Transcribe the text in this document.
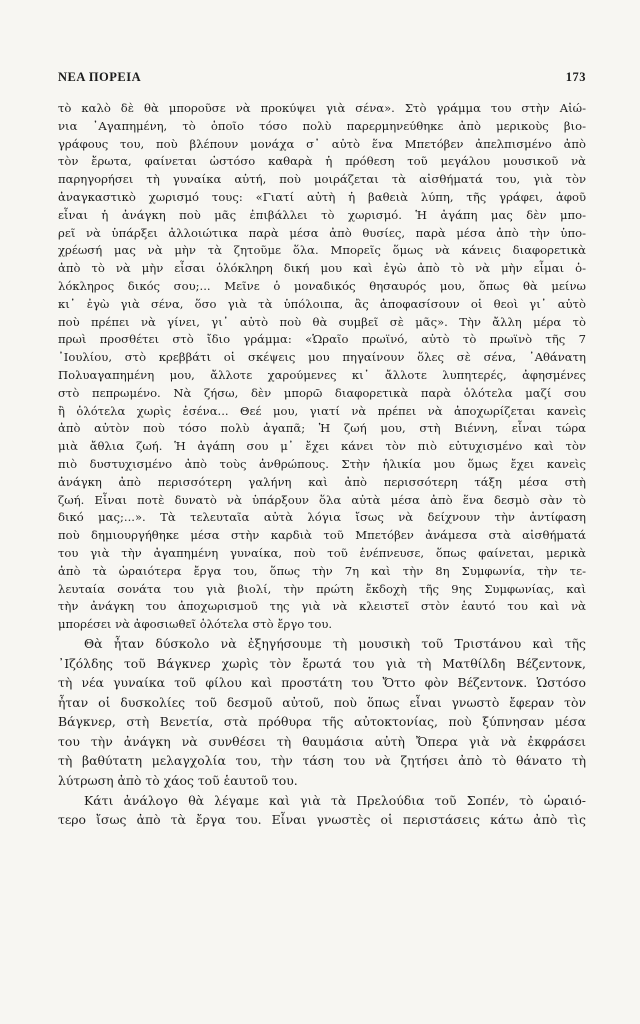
ΝΕΑ ΠΟΡΕΙΑ	173

τὸ καλὸ δὲ θὰ μποροῦσε νὰ προκύψει γιὰ σένα». Στὸ γράμμα του στὴν Αἰώ-
νια ᾿Αγαπημένη, τὸ ὁποῖο τόσο πολὺ παρερμηνεύθηκε ἀπὸ μερικοὺς βιο-
γράφους του, ποὺ βλέπουν μονάχα σ᾿ αὐτὸ ἕνα Μπετόβεν ἀπελπισμένο ἀπὸ
τὸν ἔρωτα, φαίνεται ὡστόσο καθαρὰ ἡ πρόθεση τοῦ μεγάλου μουσικοῦ νὰ
παρηγορήσει τὴ γυναίκα αὐτή, ποὺ μοιράζεται τὰ αἰσθήματά του, γιὰ τὸν
ἀναγκαστικὸ χωρισμό τους: «Γιατί αὐτὴ ἡ βαθειὰ λύπη, τῆς γράφει, ἀφοῦ
εἶναι ἡ ἀνάγκη ποὺ μᾶς ἐπιβάλλει τὸ χωρισμό. Ἡ ἀγάπη μας δὲν μπο-
ρεῖ νὰ ὑπάρξει ἀλλοιώτικα παρὰ μέσα ἀπὸ θυσίες, παρὰ μέσα ἀπὸ τὴν ὑπο-
χρέωσή μας νὰ μὴν τὰ ζητοῦμε ὅλα. Μπορεῖς ὅμως νὰ κάνεις διαφορετικὰ
ἀπὸ τὸ νὰ μὴν εἶσαι ὁλόκληρη δική μου καὶ ἐγὼ ἀπὸ τὸ νὰ μὴν εἶμαι ὁ-
λόκληρος δικός σου;... Μεῖνε ὁ μοναδικός θησαυρός μου, ὅπως θὰ μείνω
κι᾿ ἐγὼ γιὰ σένα, ὅσο γιὰ τὰ ὑπόλοιπα, ἂς ἀποφασίσουν οἱ θεοὶ γι᾿ αὐτὸ
ποὺ πρέπει νὰ γίνει, γι᾿ αὐτὸ ποὺ θὰ συμβεῖ σὲ μᾶς». Τὴν ἄλλη μέρα τὸ
πρωὶ προσθέτει στὸ ἴδιο γράμμα: «Ὡραῖο πρωϊνό, αὐτὸ τὸ πρωϊνὸ τῆς 7
᾿Ιουλίου, στὸ κρεββάτι οἱ σκέψεις μου πηγαίνουν ὅλες σὲ σένα, ᾿Αθάνατη
Πολυαγαπημένη μου, ἄλλοτε χαρούμενες κι᾿ ἄλλοτε λυπητερές, ἀφησμένες
στὸ πεπρωμένο. Νὰ ζήσω, δὲν μπορῶ διαφορετικὰ παρὰ ὁλότελα μαζί σου
ἢ ὁλότελα χωρὶς ἐσένα... Θεέ μου, γιατί νὰ πρέπει νὰ ἀποχωρίζεται κανεὶς
ἀπὸ αὐτὸν ποὺ τόσο πολὺ ἀγαπᾶ; Ἡ ζωή μου, στὴ Βιέννη, εἶναι τώρα
μιὰ ἄθλια ζωή. Ἡ ἀγάπη σου μ᾿ ἔχει κάνει τὸν πιὸ εὐτυχισμένο καὶ τὸν
πιὸ δυστυχισμένο ἀπὸ τοὺς ἀνθρώπους. Στὴν ἡλικία μου ὅμως ἔχει κανεὶς
ἀνάγκη ἀπὸ περισσότερη γαλήνη καὶ ἀπὸ περισσότερη τάξη μέσα στὴ
ζωή. Εἶναι ποτὲ δυνατὸ νὰ ὑπάρξουν ὅλα αὐτὰ μέσα ἀπὸ ἕνα δεσμὸ σὰν τὸ
δικό μας;...». Τὰ τελευταῖα αὐτὰ λόγια ἴσως νὰ δείχνουν τὴν ἀντίφαση
ποὺ δημιουργήθηκε μέσα στὴν καρδιὰ τοῦ Μπετόβεν ἀνάμεσα στὰ αἰσθήματά
του γιὰ τὴν ἀγαπημένη γυναίκα, ποὺ τοῦ ἐνέπνευσε, ὅπως φαίνεται, μερικὰ
ἀπὸ τὰ ὡραιότερα ἔργα του, ὅπως τὴν 7η καὶ τὴν 8η Συμφωνία, τὴν τε-
λευταία σονάτα του γιὰ βιολί, τὴν πρώτη ἔκδοχὴ τῆς 9ης Συμφωνίας, καὶ
τὴν ἀνάγκη του ἀποχωρισμοῦ της γιὰ νὰ κλειστεῖ στὸν ἑαυτό του καὶ νὰ
μπορέσει νὰ ἀφοσιωθεῖ ὁλότελα στὸ ἔργο του.

Θὰ ἦταν δύσκολο νὰ ἐξηγήσουμε τὴ μουσικὴ τοῦ Τριστάνου καὶ τῆς
᾿Ιζόλδης τοῦ Βάγκνερ χωρὶς τὸν ἔρωτά του γιὰ τὴ Ματθίλδη Βέζεντονκ,
τὴ νέα γυναίκα τοῦ φίλου καὶ προστάτη του Ὄττο φὸν Βέζεντονκ. Ὡστόσο
ἦταν οἱ δυσκολίες τοῦ δεσμοῦ αὐτοῦ, ποὺ ὅπως εἶναι γνωστὸ ἔφεραν τὸν
Βάγκνερ, στὴ Βενετία, στὰ πρόθυρα τῆς αὐτοκτονίας, ποὺ ξύπνησαν μέσα
του τὴν ἀνάγκη νὰ συνθέσει τὴ θαυμάσια αὐτὴ Ὄπερα γιὰ νὰ ἐκφράσει
τὴ βαθύτατη μελαγχολία του, τὴν τάση του νὰ ζητήσει ἀπὸ τὸ θάνατο τὴ
λύτρωση ἀπὸ τὸ χάος τοῦ ἑαυτοῦ του.

Κάτι ἀνάλογο θὰ λέγαμε καὶ γιὰ τὰ Πρελούδια τοῦ Σοπέν, τὸ ὡραιό-
τερο ἴσως ἀπὸ τὰ ἔργα του. Εἶναι γνωστὲς οἱ περιστάσεις κάτω ἀπὸ τὶς
